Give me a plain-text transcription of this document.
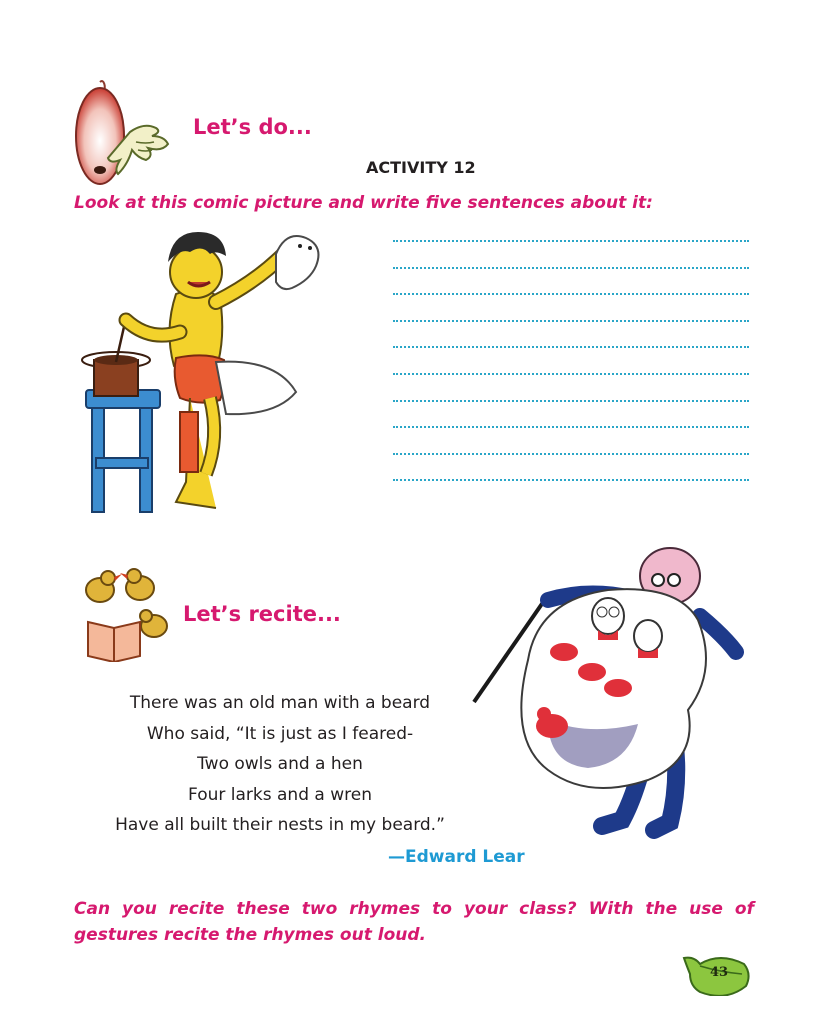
Let’s do...
ACTIVITY 12
Look at this comic picture and write five sentences about it:
Let’s recite...
There was an old man with a beard
Who said, “It is just as I feared-
Two owls and a hen
Four larks and a wren
Have all built their nests in my beard.”
—Edward Lear
Can you recite these two rhymes to your class? With the use of gestures recite the rhymes out loud.
43
